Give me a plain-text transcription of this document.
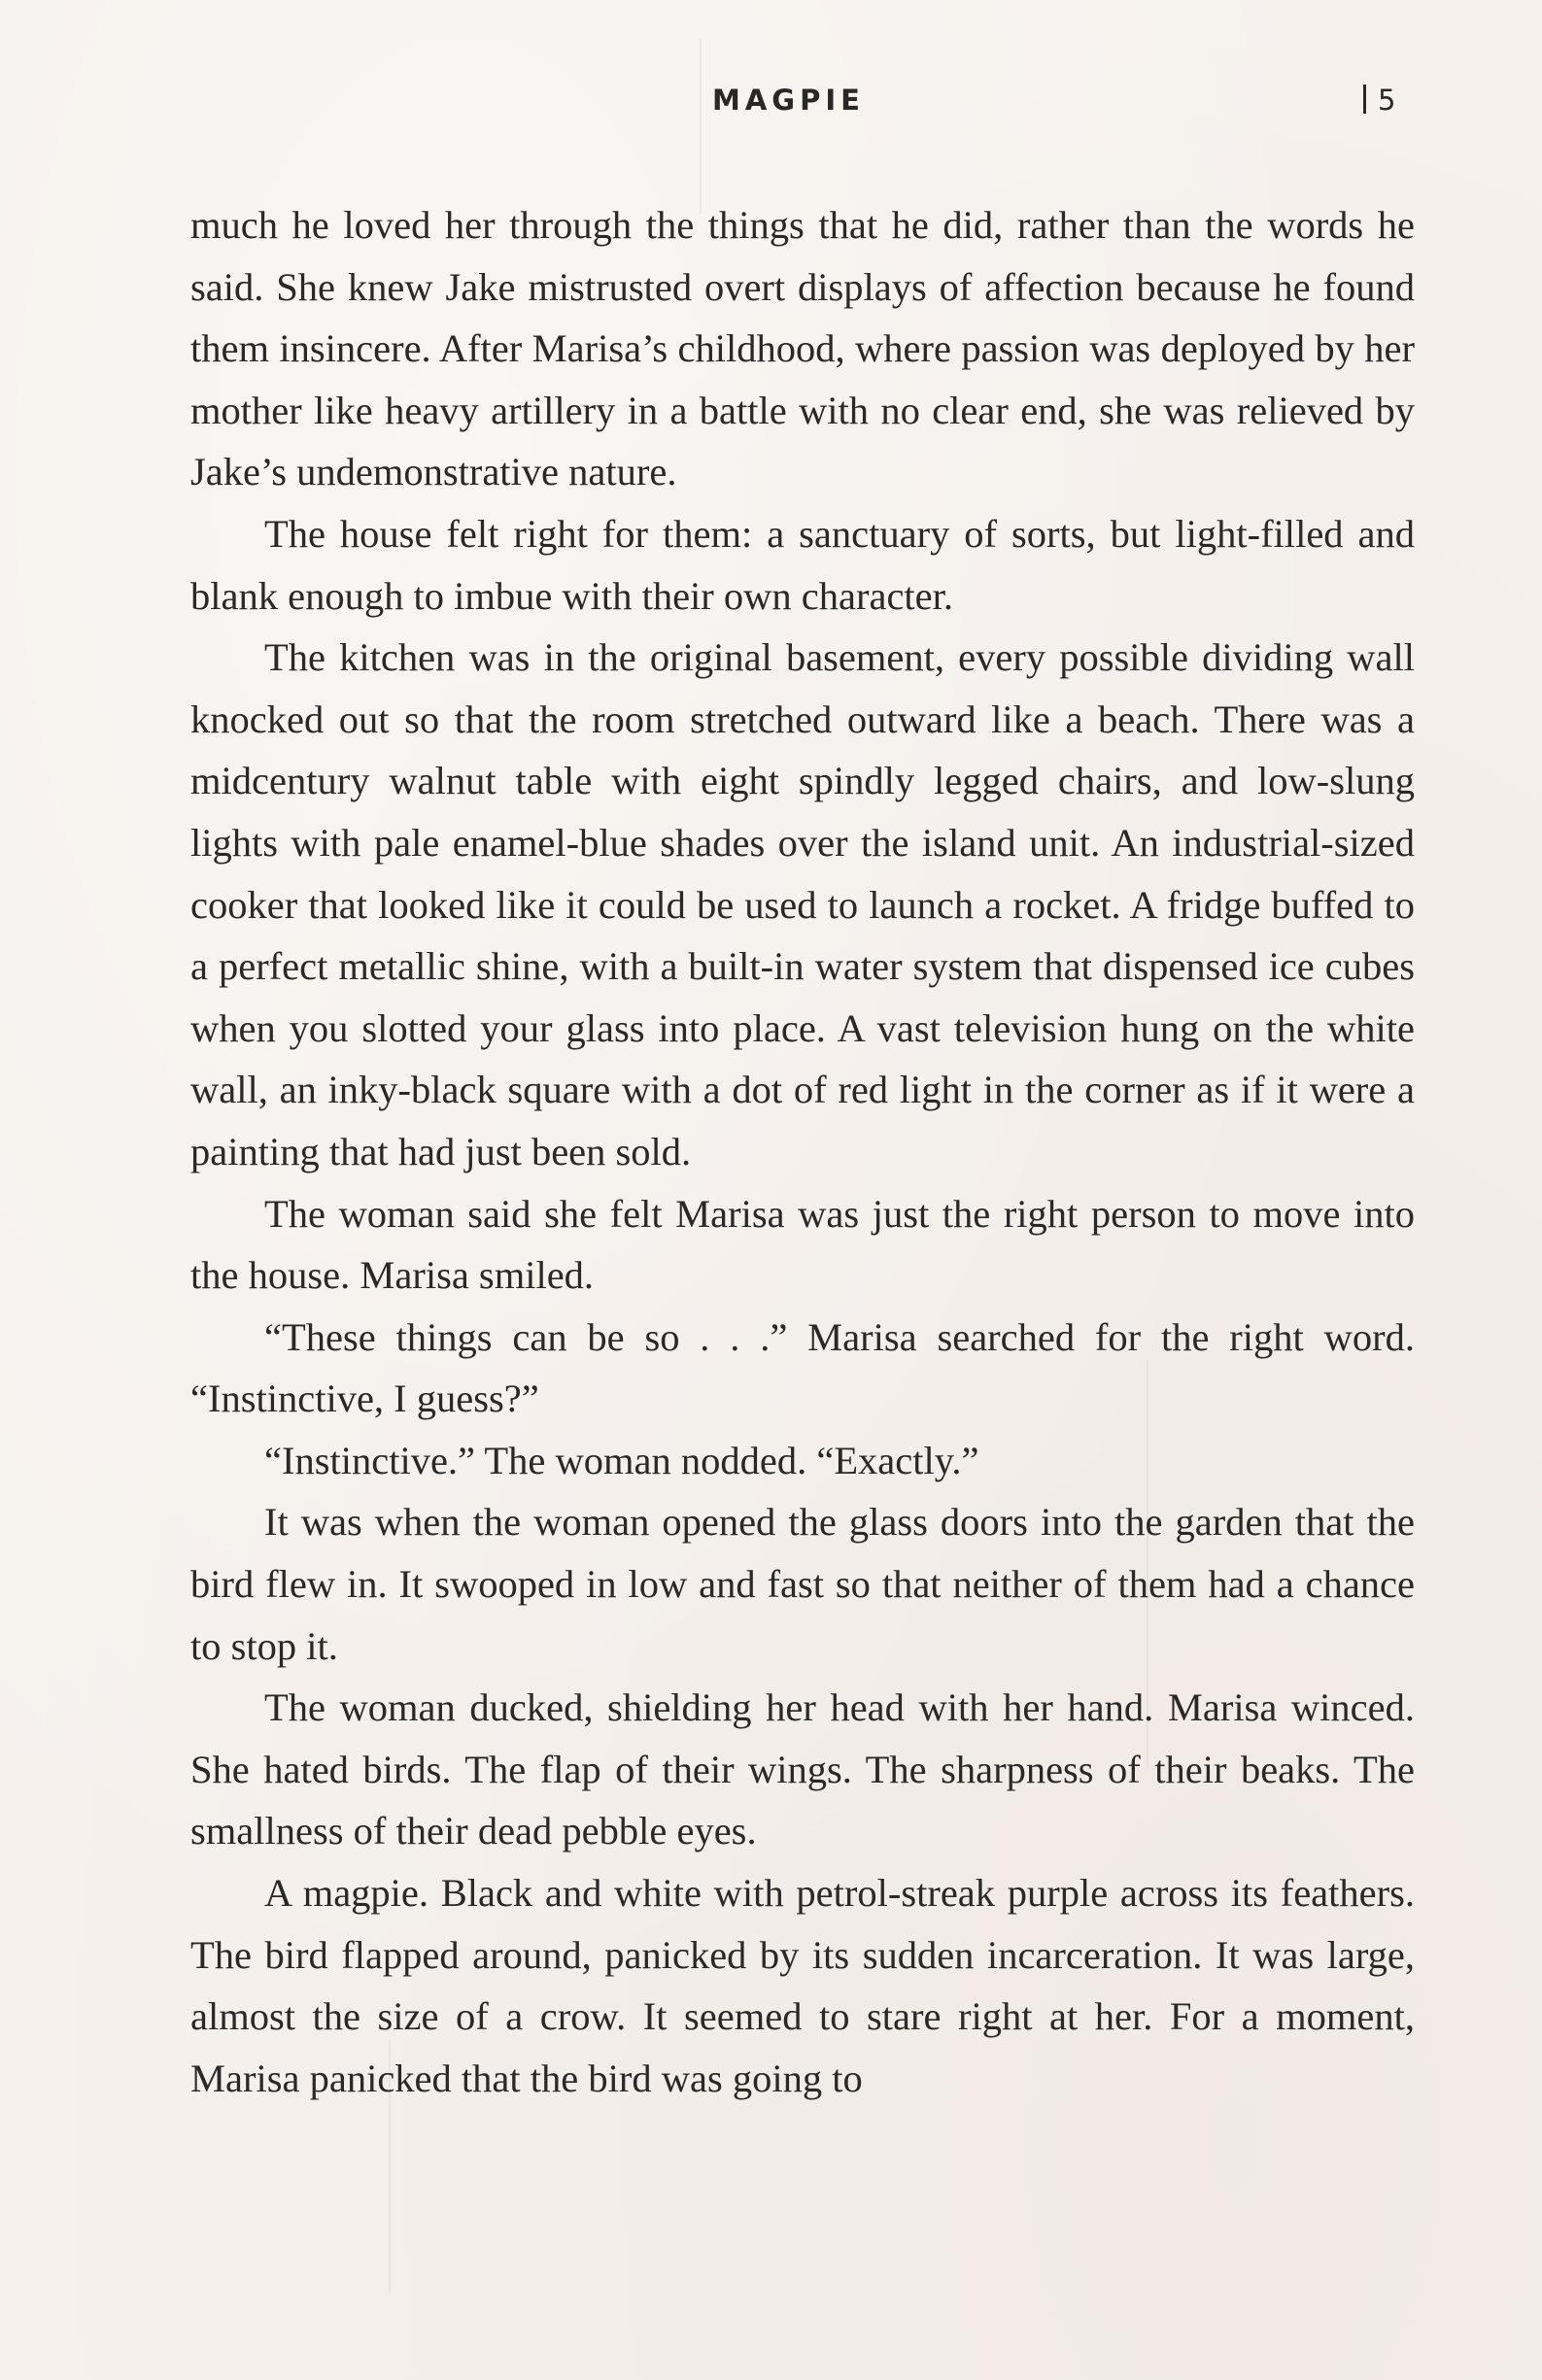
MAGPIE	5

much he loved her through the things that he did, rather than the words he said. She knew Jake mistrusted overt displays of affection because he found them insincere. After Marisa’s childhood, where passion was deployed by her mother like heavy artillery in a battle with no clear end, she was relieved by Jake’s undemonstrative nature.

The house felt right for them: a sanctuary of sorts, but light-filled and blank enough to imbue with their own character.

The kitchen was in the original basement, every possible dividing wall knocked out so that the room stretched outward like a beach. There was a midcentury walnut table with eight spindly legged chairs, and low-slung lights with pale enamel-blue shades over the island unit. An industrial-sized cooker that looked like it could be used to launch a rocket. A fridge buffed to a perfect metallic shine, with a built-in water system that dispensed ice cubes when you slotted your glass into place. A vast television hung on the white wall, an inky-black square with a dot of red light in the corner as if it were a painting that had just been sold.

The woman said she felt Marisa was just the right person to move into the house. Marisa smiled.

“These things can be so . . .” Marisa searched for the right word. “Instinctive, I guess?”

“Instinctive.” The woman nodded. “Exactly.”

It was when the woman opened the glass doors into the garden that the bird flew in. It swooped in low and fast so that neither of them had a chance to stop it.

The woman ducked, shielding her head with her hand. Marisa winced. She hated birds. The flap of their wings. The sharpness of their beaks. The smallness of their dead pebble eyes.

A magpie. Black and white with petrol-streak purple across its feathers. The bird flapped around, panicked by its sudden incarceration. It was large, almost the size of a crow. It seemed to stare right at her. For a moment, Marisa panicked that the bird was going to
